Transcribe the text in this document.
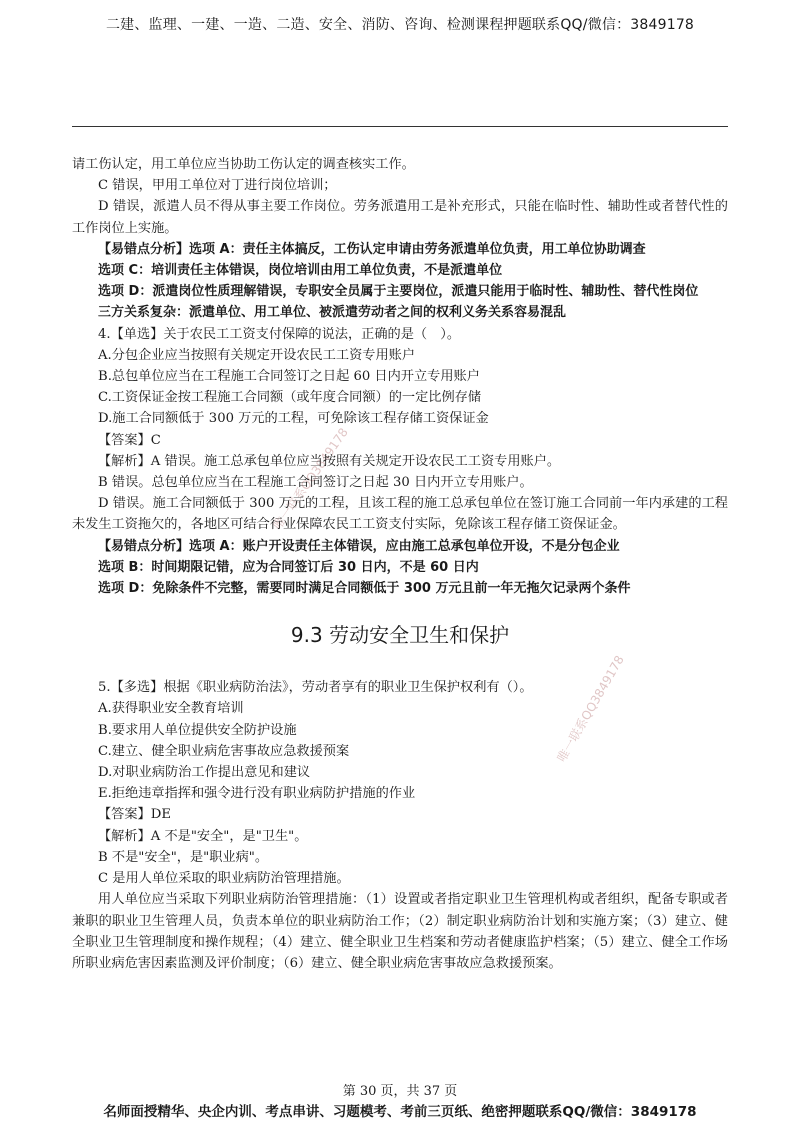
二建、监理、一建、一造、二造、安全、消防、咨询、检测课程押题联系QQ/微信：3849178
唯一联系QQ3849178
唯一联系QQ3849178

请工伤认定，用工单位应当协助工伤认定的调查核实工作。

C 错误，甲用工单位对丁进行岗位培训；

D 错误，派遣人员不得从事主要工作岗位。劳务派遣用工是补充形式，只能在临时性、辅助性或者替代性的工作岗位上实施。

【易错点分析】选项 A：责任主体搞反，工伤认定申请由劳务派遣单位负责，用工单位协助调查

选项 C：培训责任主体错误，岗位培训由用工单位负责，不是派遣单位

选项 D：派遣岗位性质理解错误，专职安全员属于主要岗位，派遣只能用于临时性、辅助性、替代性岗位

三方关系复杂：派遣单位、用工单位、被派遣劳动者之间的权利义务关系容易混乱

4.【单选】关于农民工工资支付保障的说法，正确的是（　）。

A.分包企业应当按照有关规定开设农民工工资专用账户

B.总包单位应当在工程施工合同签订之日起 60 日内开立专用账户

C.工资保证金按工程施工合同额（或年度合同额）的一定比例存储

D.施工合同额低于 300 万元的工程，可免除该工程存储工资保证金

【答案】C

【解析】A 错误。施工总承包单位应当按照有关规定开设农民工工资专用账户。

B 错误。总包单位应当在工程施工合同签订之日起 30 日内开立专用账户。

D 错误。施工合同额低于 300 万元的工程，且该工程的施工总承包单位在签订施工合同前一年内承建的工程未发生工资拖欠的，各地区可结合行业保障农民工工资支付实际，免除该工程存储工资保证金。

【易错点分析】选项 A：账户开设责任主体错误，应由施工总承包单位开设，不是分包企业

选项 B：时间期限记错，应为合同签订后 30 日内，不是 60 日内

选项 D：免除条件不完整，需要同时满足合同额低于 300 万元且前一年无拖欠记录两个条件

9.3 劳动安全卫生和保护

5.【多选】根据《职业病防治法》，劳动者享有的职业卫生保护权利有（）。

A.获得职业安全教育培训

B.要求用人单位提供安全防护设施

C.建立、健全职业病危害事故应急救援预案

D.对职业病防治工作提出意见和建议

E.拒绝违章指挥和强令进行没有职业病防护措施的作业

【答案】DE

【解析】A 不是"安全"，是"卫生"。

B 不是"安全"，是"职业病"。

C 是用人单位采取的职业病防治管理措施。

用人单位应当采取下列职业病防治管理措施：（1）设置或者指定职业卫生管理机构或者组织，配备专职或者兼职的职业卫生管理人员，负责本单位的职业病防治工作；（2）制定职业病防治计划和实施方案；（3）建立、健全职业卫生管理制度和操作规程；（4）建立、健全职业卫生档案和劳动者健康监护档案；（5）建立、健全工作场所职业病危害因素监测及评价制度；（6）建立、健全职业病危害事故应急救援预案。

第 30 页，共 37 页
名师面授精华、央企内训、考点串讲、习题模考、考前三页纸、绝密押题联系QQ/微信：3849178
